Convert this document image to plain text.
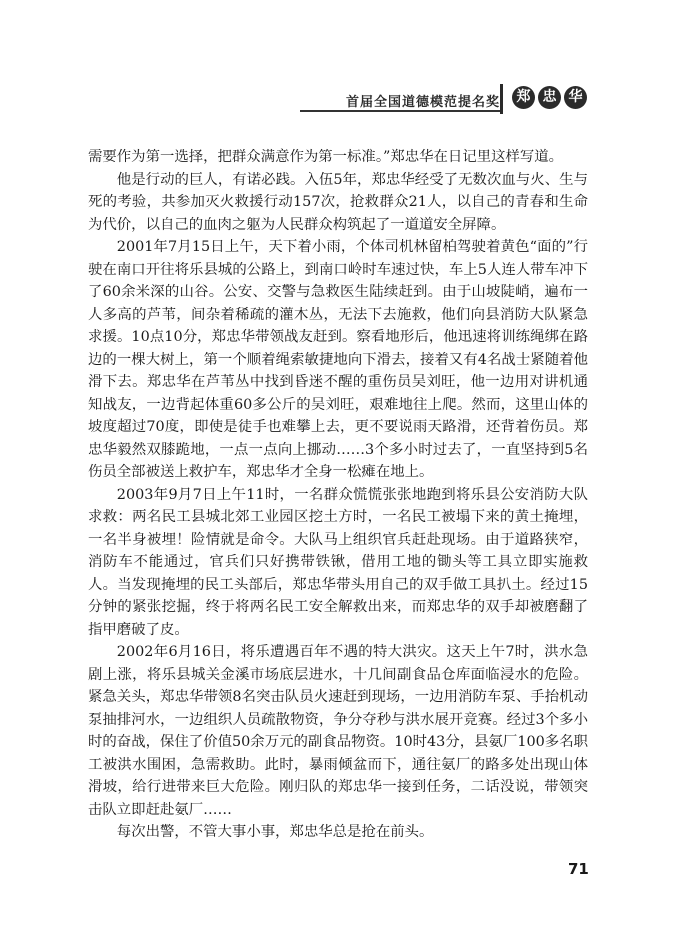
首届全国道德模范提名奖	郑 忠 华

需要作为第一选择，把群众满意作为第一标准。”郑忠华在日记里这样写道。

他是行动的巨人，有诺必践。入伍5年，郑忠华经受了无数次血与火、生与死的考验，共参加灭火救援行动157次，抢救群众21人，以自己的青春和生命为代价，以自己的血肉之躯为人民群众构筑起了一道道安全屏障。

2001年7月15日上午，天下着小雨，个体司机林留柏驾驶着黄色“面的”行驶在南口开往将乐县城的公路上，到南口岭时车速过快，车上5人连人带车冲下了60余米深的山谷。公安、交警与急救医生陆续赶到。由于山坡陡峭，遍布一人多高的芦苇，间杂着稀疏的灌木丛，无法下去施救，他们向县消防大队紧急求援。10点10分，郑忠华带领战友赶到。察看地形后，他迅速将训练绳绑在路边的一棵大树上，第一个顺着绳索敏捷地向下滑去，接着又有4名战士紧随着他滑下去。郑忠华在芦苇丛中找到昏迷不醒的重伤员吴刘旺，他一边用对讲机通知战友，一边背起体重60多公斤的吴刘旺，艰难地往上爬。然而，这里山体的坡度超过70度，即使是徒手也难攀上去，更不要说雨天路滑，还背着伤员。郑忠华毅然双膝跪地，一点一点向上挪动……3个多小时过去了，一直坚持到5名伤员全部被送上救护车，郑忠华才全身一松瘫在地上。

2003年9月7日上午11时，一名群众慌慌张张地跑到将乐县公安消防大队求救：两名民工县城北郊工业园区挖土方时，一名民工被塌下来的黄土掩埋，一名半身被埋！险情就是命令。大队马上组织官兵赶赴现场。由于道路狭窄，消防车不能通过，官兵们只好携带铁锹，借用工地的锄头等工具立即实施救人。当发现掩埋的民工头部后，郑忠华带头用自己的双手做工具扒土。经过15分钟的紧张挖掘，终于将两名民工安全解救出来，而郑忠华的双手却被磨翻了指甲磨破了皮。

2002年6月16日，将乐遭遇百年不遇的特大洪灾。这天上午7时，洪水急剧上涨，将乐县城关金溪市场底层进水，十几间副食品仓库面临浸水的危险。紧急关头，郑忠华带领8名突击队员火速赶到现场，一边用消防车泵、手抬机动泵抽排河水，一边组织人员疏散物资，争分夺秒与洪水展开竞赛。经过3个多小时的奋战，保住了价值50余万元的副食品物资。10时43分，县氨厂100多名职工被洪水围困，急需救助。此时，暴雨倾盆而下，通往氨厂的路多处出现山体滑坡，给行进带来巨大危险。刚归队的郑忠华一接到任务，二话没说，带领突击队立即赶赴氨厂……

每次出警，不管大事小事，郑忠华总是抢在前头。

71
